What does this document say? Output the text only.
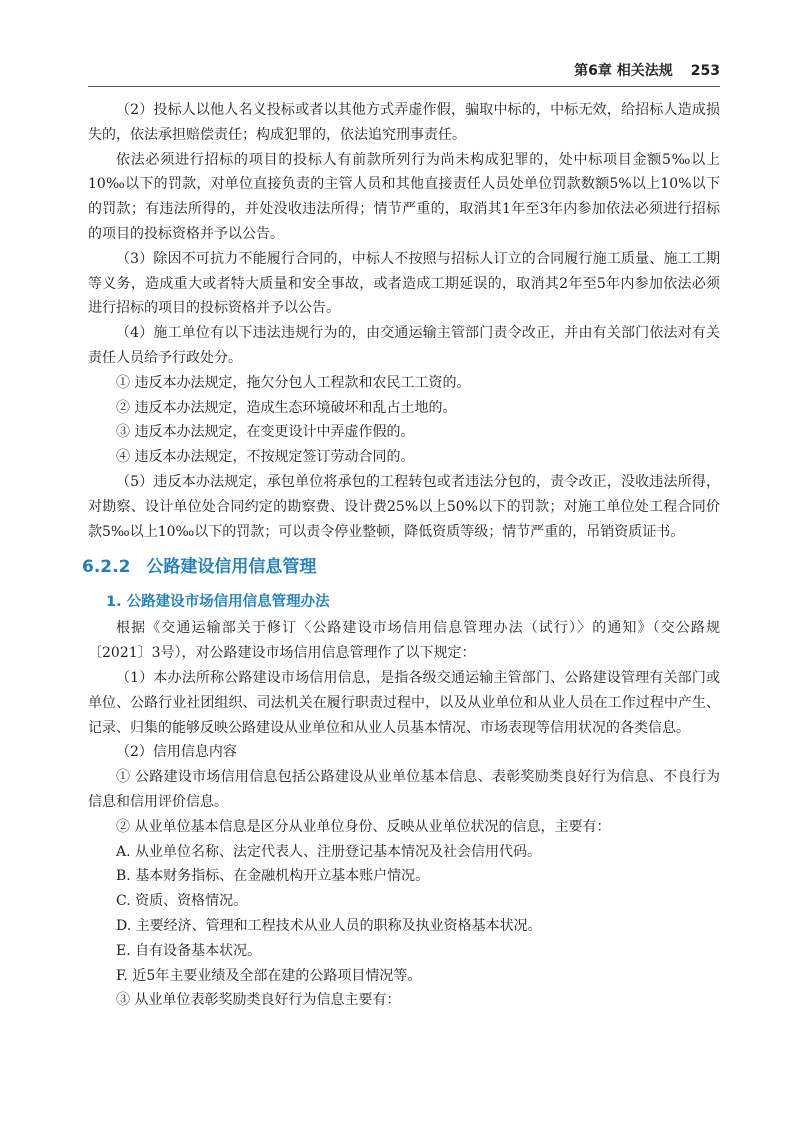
第6章 相关法规 253

（2）投标人以他人名义投标或者以其他方式弄虚作假，骗取中标的，中标无效，给招标人造成损失的，依法承担赔偿责任；构成犯罪的，依法追究刑事责任。

依法必须进行招标的项目的投标人有前款所列行为尚未构成犯罪的，处中标项目金额5‰以上10‰以下的罚款，对单位直接负责的主管人员和其他直接责任人员处单位罚款数额5%以上10%以下的罚款；有违法所得的，并处没收违法所得；情节严重的，取消其1年至3年内参加依法必须进行招标的项目的投标资格并予以公告。

（3）除因不可抗力不能履行合同的，中标人不按照与招标人订立的合同履行施工质量、施工工期等义务，造成重大或者特大质量和安全事故，或者造成工期延误的，取消其2年至5年内参加依法必须进行招标的项目的投标资格并予以公告。

（4）施工单位有以下违法违规行为的，由交通运输主管部门责令改正，并由有关部门依法对有关责任人员给予行政处分。

① 违反本办法规定，拖欠分包人工程款和农民工工资的。

② 违反本办法规定，造成生态环境破坏和乱占土地的。

③ 违反本办法规定，在变更设计中弄虚作假的。

④ 违反本办法规定，不按规定签订劳动合同的。

（5）违反本办法规定，承包单位将承包的工程转包或者违法分包的，责令改正，没收违法所得，对勘察、设计单位处合同约定的勘察费、设计费25%以上50%以下的罚款；对施工单位处工程合同价款5‰以上10‰以下的罚款；可以责令停业整顿，降低资质等级；情节严重的，吊销资质证书。

6.2.2 公路建设信用信息管理
1. 公路建设市场信用信息管理办法

根据《交通运输部关于修订〈公路建设市场信用信息管理办法（试行）〉的通知》（交公路规〔2021〕3号），对公路建设市场信用信息管理作了以下规定：

（1）本办法所称公路建设市场信用信息，是指各级交通运输主管部门、公路建设管理有关部门或单位、公路行业社团组织、司法机关在履行职责过程中，以及从业单位和从业人员在工作过程中产生、记录、归集的能够反映公路建设从业单位和从业人员基本情况、市场表现等信用状况的各类信息。

（2）信用信息内容

① 公路建设市场信用信息包括公路建设从业单位基本信息、表彰奖励类良好行为信息、不良行为信息和信用评价信息。

② 从业单位基本信息是区分从业单位身份、反映从业单位状况的信息，主要有：

A. 从业单位名称、法定代表人、注册登记基本情况及社会信用代码。

B. 基本财务指标、在金融机构开立基本账户情况。

C. 资质、资格情况。

D. 主要经济、管理和工程技术从业人员的职称及执业资格基本状况。

E. 自有设备基本状况。

F. 近5年主要业绩及全部在建的公路项目情况等。

③ 从业单位表彰奖励类良好行为信息主要有：
